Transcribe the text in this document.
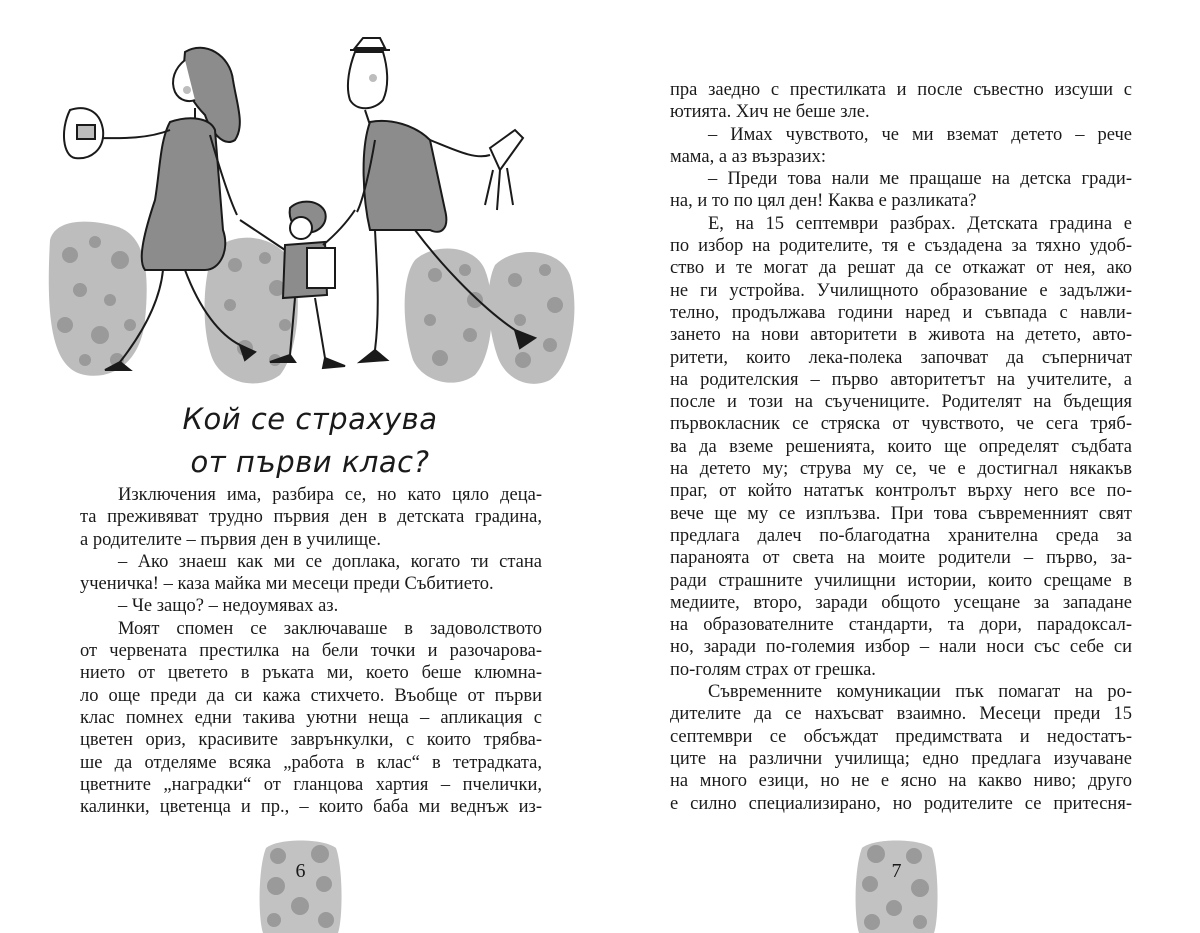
Кой се страхува
от първи клас?

Изключения има, разбира се, но като цяло деца-

та преживяват трудно първия ден в детската градина,

а родителите – първия ден в училище.

– Ако знаеш как ми се доплака, когато ти стана

ученичка! – каза майка ми месеци преди Събитието.

– Че защо? – недоумявах аз.

Моят спомен се заключаваше в задоволството

от червената престилка на бели точки и разочарова-

нието от цветето в ръката ми, което беше клюмна-

ло още преди да си кажа стихчето. Въобще от първи

клас помнех едни такива уютни неща – апликация с

цветен ориз, красивите заврънкулки, с които трябва-

ше да отделяме всяка „работа в клас“ в тетрадката,

цветните „наградки“ от гланцова хартия – пчелички,

калинки, цветенца и пр., – които баба ми веднъж из-

6

пра заедно с престилката и после съвестно изсуши с

ютията. Хич не беше зле.

– Имах чувството, че ми вземат детето – рече

мама, а аз възразих:

– Преди това нали ме пращаше на детска гради-

на, и то по цял ден! Каква е разликата?

Е, на 15 септември разбрах. Детската градина е

по избор на родителите, тя е създадена за тяхно удоб-

ство и те могат да решат да се откажат от нея, ако

не ги устройва. Училищното образование е задължи-

телно, продължава години наред и съвпада с навли-

зането на нови авторитети в живота на детето, авто-

ритети, които лека-полека започват да съперничат

на родителския – първо авторитетът на учителите, а

после и този на съучениците. Родителят на бъдещия

първокласник се стряска от чувството, че сега тряб-

ва да вземе решенията, които ще определят съдбата

на детето му; струва му се, че е достигнал някакъв

праг, от който нататък контролът върху него все по-

вече ще му се изплъзва. При това съвременният свят

предлага далеч по-благодатна хранителна среда за

параноята от света на моите родители – първо, за-

ради страшните училищни истории, които срещаме в

медиите, второ, заради общото усещане за западане

на образователните стандарти, та дори, парадоксал-

но, заради по-големия избор – нали носи със себе си

по-голям страх от грешка.

Съвременните комуникации пък помагат на ро-

дителите да се нахъсват взаимно. Месеци преди 15

септември се обсъждат предимствата и недостатъ-

ците на различни училища; едно предлага изучаване

на много езици, но не е ясно на какво ниво; друго

е силно специализирано, но родителите се притесня-

7
